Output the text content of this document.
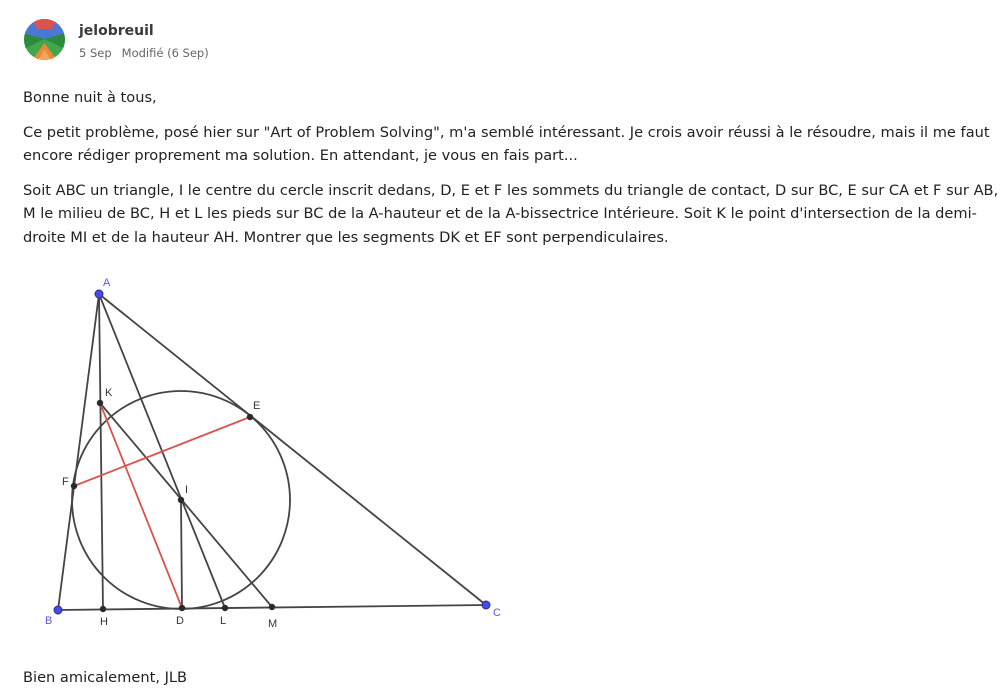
jelobreuil
5 Sep Modifié (6 Sep)

Bonne nuit à tous,

Ce petit problème, posé hier sur "Art of Problem Solving", m'a semblé intéressant. Je crois avoir réussi à le résoudre, mais il me faut encore rédiger proprement ma solution. En attendant, je vous en fais part...

Soit ABC un triangle, I le centre du cercle inscrit dedans, D, E et F les sommets du triangle de contact, D sur BC, E sur CA et F sur AB, M le milieu de BC, H et L les pieds sur BC de la A-hauteur et de la A-bissectrice Intérieure. Soit K le point d'intersection de la demi-droite MI et de la hauteur AH. Montrer que les segments DK et EF sont perpendiculaires.

A
B
C
K
E
F
I
H	D	L	M
Bien amicalement, JLB
